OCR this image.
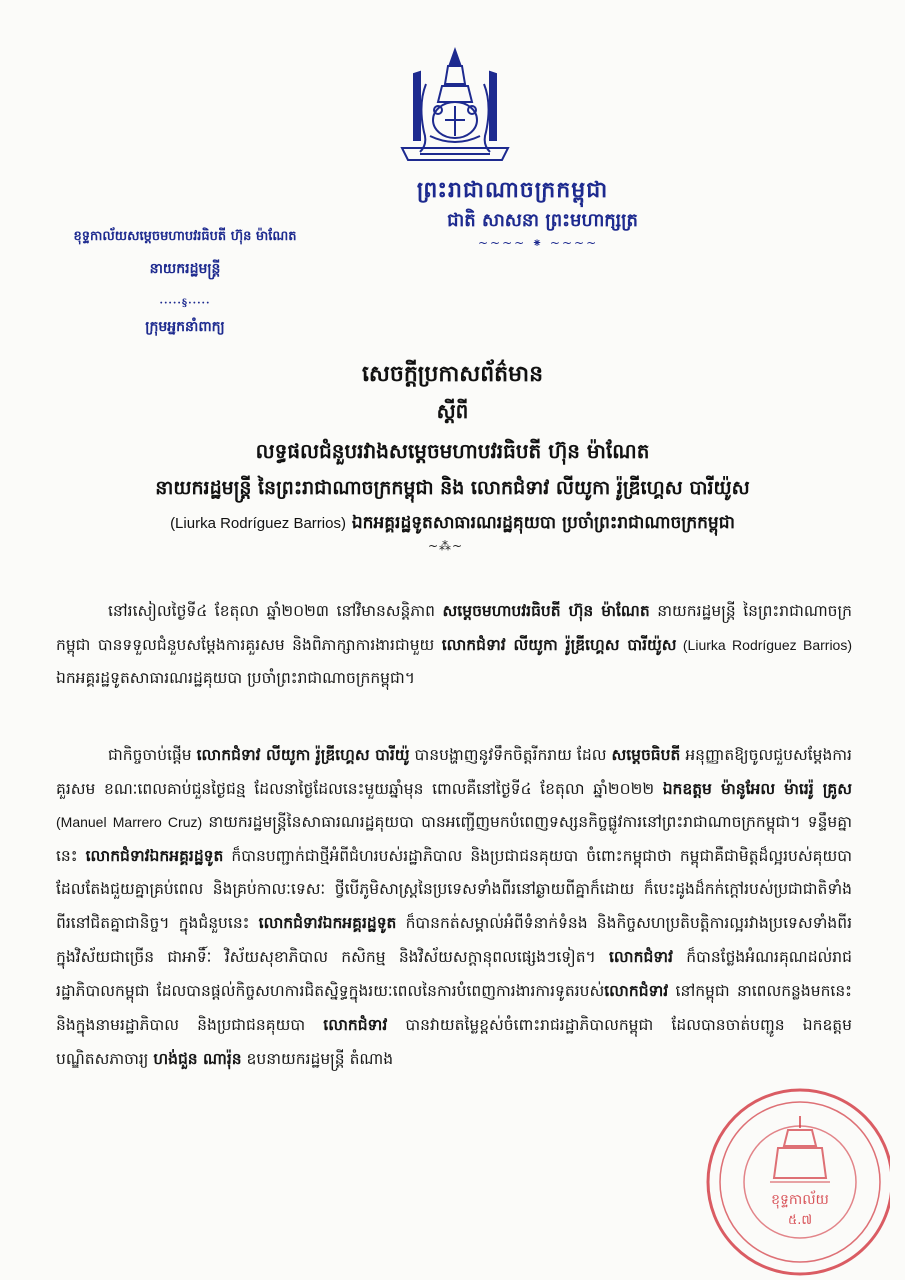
ព្រះរាជាណាចក្រកម្ពុជា
ជាតិ សាសនា ព្រះមហាក្សត្រ
~~~~ ⁕ ~~~~
ខុទ្ទកាល័យសម្តេចមហាបវរធិបតី ហ៊ុន ម៉ាណែត
នាយករដ្ឋមន្ត្រី
·····§·····
ក្រុមអ្នកនាំពាក្យ
សេចក្តីប្រកាសព័ត៌មាន
ស្តីពី
លទ្ធផលជំនួបរវាងសម្តេចមហាបវរធិបតី ហ៊ុន ម៉ាណែត
នាយករដ្ឋមន្ត្រី នៃព្រះរាជាណាចក្រកម្ពុជា និង លោកជំទាវ លីយូកា រ៉ូឌ្រីហ្គេស បារីយ៉ូស
(Liurka Rodríguez Barrios) ឯកអគ្គរដ្ឋទូតសាធារណរដ្ឋគុយបា ប្រចាំព្រះរាជាណាចក្រកម្ពុជា
~⁂~
នៅរសៀលថ្ងៃទី៤ ខែតុលា ឆ្នាំ២០២៣ នៅវិមានសន្តិភាព សម្តេចមហាបវរធិបតី ហ៊ុន ម៉ាណែត នាយករដ្ឋមន្ត្រី នៃព្រះរាជាណាចក្រកម្ពុជា បានទទួលជំនួបសម្តែងការគួរសម និងពិភាក្សាការងារជាមួយ លោកជំទាវ លីយូកា រ៉ូឌ្រីហ្គេស បារីយ៉ូស (Liurka Rodríguez Barrios) ឯកអគ្គរដ្ឋទូតសាធារណរដ្ឋគុយបា ប្រចាំព្រះរាជាណាចក្រកម្ពុជា។
ជាកិច្ចចាប់ផ្តើម លោកជំទាវ លីយូកា រ៉ូឌ្រីហ្គេស បារីយ៉ូ បានបង្ហាញនូវទឹកចិត្តរីករាយ ដែល សម្តេចធិបតី អនុញ្ញាតឱ្យចូលជួបសម្តែងការគួរសម ខណៈពេលគាប់ជួនថៃ្ងជន្ម ដែលនាថ្ងៃដែលនេះមួយឆ្នាំមុន ពោលគឺនៅថ្ងៃទី៤ ខែតុលា ឆ្នាំ២០២២ ឯកឧត្តម ម៉ានូអែល ម៉ារេរ៉ូ គ្រូស (Manuel Marrero Cruz) នាយករដ្ឋមន្ត្រីនៃសាធារណរដ្ឋគុយបា បានអញ្ជើញមកបំពេញទស្សនកិច្ចផ្លូវការនៅព្រះរាជាណាចក្រកម្ពុជា។ ទន្ទឹមគ្នានេះ លោកជំទាវឯកអគ្គរដ្ឋទូត ក៏បានបញ្ជាក់ជាថ្មីអំពីជំហរបស់រដ្ឋាភិបាល និងប្រជាជនគុយបា ចំពោះកម្ពុជាថា កម្ពុជាគឺជាមិត្តដ៏ល្អរបស់គុយបា ដែលតែងជួយគ្នាគ្រប់ពេល និងគ្រប់កាលៈទេសៈ ថ្វីបើភូមិសាស្ត្រនៃប្រទេសទាំងពីរនៅឆ្ងាយពីគ្នាក៏ដោយ ក៏បេះដូងដ៏កក់ក្តៅរបស់ប្រជាជាតិទាំងពីរនៅជិតគ្នាជានិច្ច។ ក្នុងជំនួបនេះ លោកជំទាវឯកអគ្គរដ្ឋទូត ក៏បានកត់សម្គាល់អំពីទំនាក់ទំនង និងកិច្ចសហប្រតិបត្តិការល្អរវាងប្រទេសទាំងពីរ ក្នុងវិស័យជាច្រើន ជាអាទិ៍ៈ វិស័យសុខាភិបាល កសិកម្ម និងវិស័យសក្តានុពលផ្សេងៗទៀត។ លោកជំទាវ ក៏បានថ្លែងអំណរគុណដល់រាជរដ្ឋាភិបាលកម្ពុជា ដែលបានផ្តល់កិច្ចសហការជិតស្និទ្ធក្នុងរយៈពេលនៃការបំពេញការងារការទូតរបស់លោកជំទាវ នៅកម្ពុជា នាពេលកន្លងមកនេះ និងក្នុងនាមរដ្ឋាភិបាល និងប្រជាជនគុយបា លោកជំទាវ បានវាយតម្លៃខ្ពស់ចំពោះរាជរដ្ឋាភិបាលកម្ពុជា ដែលបានចាត់បញ្ជូន ឯកឧត្តមបណ្ឌិតសភាចារ្យ ហង់ជួន ណារ៉ុន ឧបនាយករដ្ឋមន្ត្រី តំណាង
ខុទ្ទកាល័យ
៥.៧
